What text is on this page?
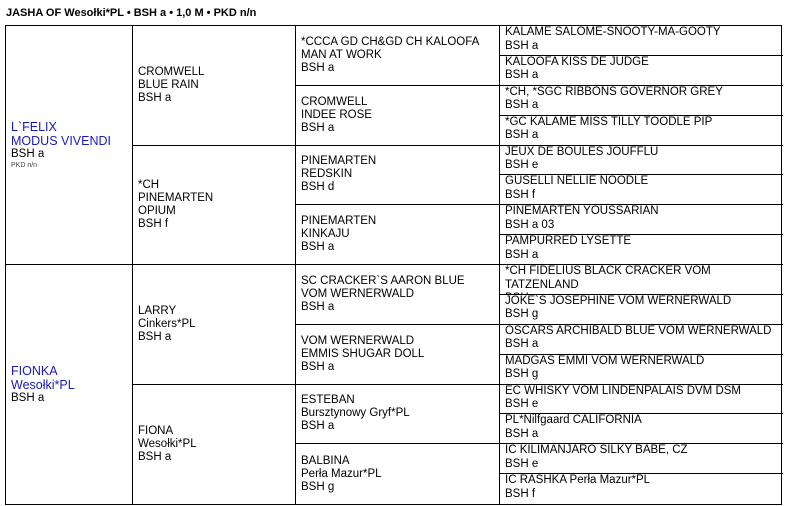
JASHA OF Wesołki*PL • BSH a • 1,0 M • PKD n/n
L`FELIX
MODUS VIVENDI
BSH a
PKD n/n
FIONKA
Wesołki*PL
BSH a
CROMWELL
BLUE RAIN
BSH a
*CH
PINEMARTEN
OPIUM
BSH f
LARRY
Cinkers*PL
BSH a
FIONA
Wesołki*PL
BSH a
*CCCA GD CH&GD CH KALOOFA
MAN AT WORK
BSH a
CROMWELL
INDEE ROSE
BSH a
PINEMARTEN
REDSKIN
BSH d
PINEMARTEN
KINKAJU
BSH a
SC CRACKER`S AARON BLUE
VOM WERNERWALD
BSH a
VOM WERNERWALD
EMMIS SHUGAR DOLL
BSH a
ESTEBAN
Bursztynowy Gryf*PL
BSH a
BALBINA
Perła Mazur*PL
BSH g
KALAME SALOME-SNOOTY-MA-GOOTY
BSH a
KALOOFA KISS DE JUDGE
BSH a
*CH, *SGC RIBBONS GOVERNOR GREY
BSH a
*GC KALAME MISS TILLY TOODLE PIP
BSH a
JEUX DE BOULES JOUFFLU
BSH e
GUSELLI NELLIE NOODLE
BSH f
PINEMARTEN YOUSSARIAN
BSH a 03
PAMPURRED LYSETTE
BSH a
*CH FIDELIUS BLACK CRACKER VOM TATZENLAND
JOKE`S JOSEPHINE VOM WERNERWALD
BSH g
OSCARS ARCHIBALD BLUE VOM WERNERWALD
BSH a
MADGAS EMMI VOM WERNERWALD
BSH g
EC WHISKY VOM LINDENPALAIS DVM DSM
BSH e
PL*Nilfgaard CALIFORNIA
BSH a
IC KILIMANJARO SILKY BABE, CZ
BSH e
IC RASHKA Perła Mazur*PL
BSH f
